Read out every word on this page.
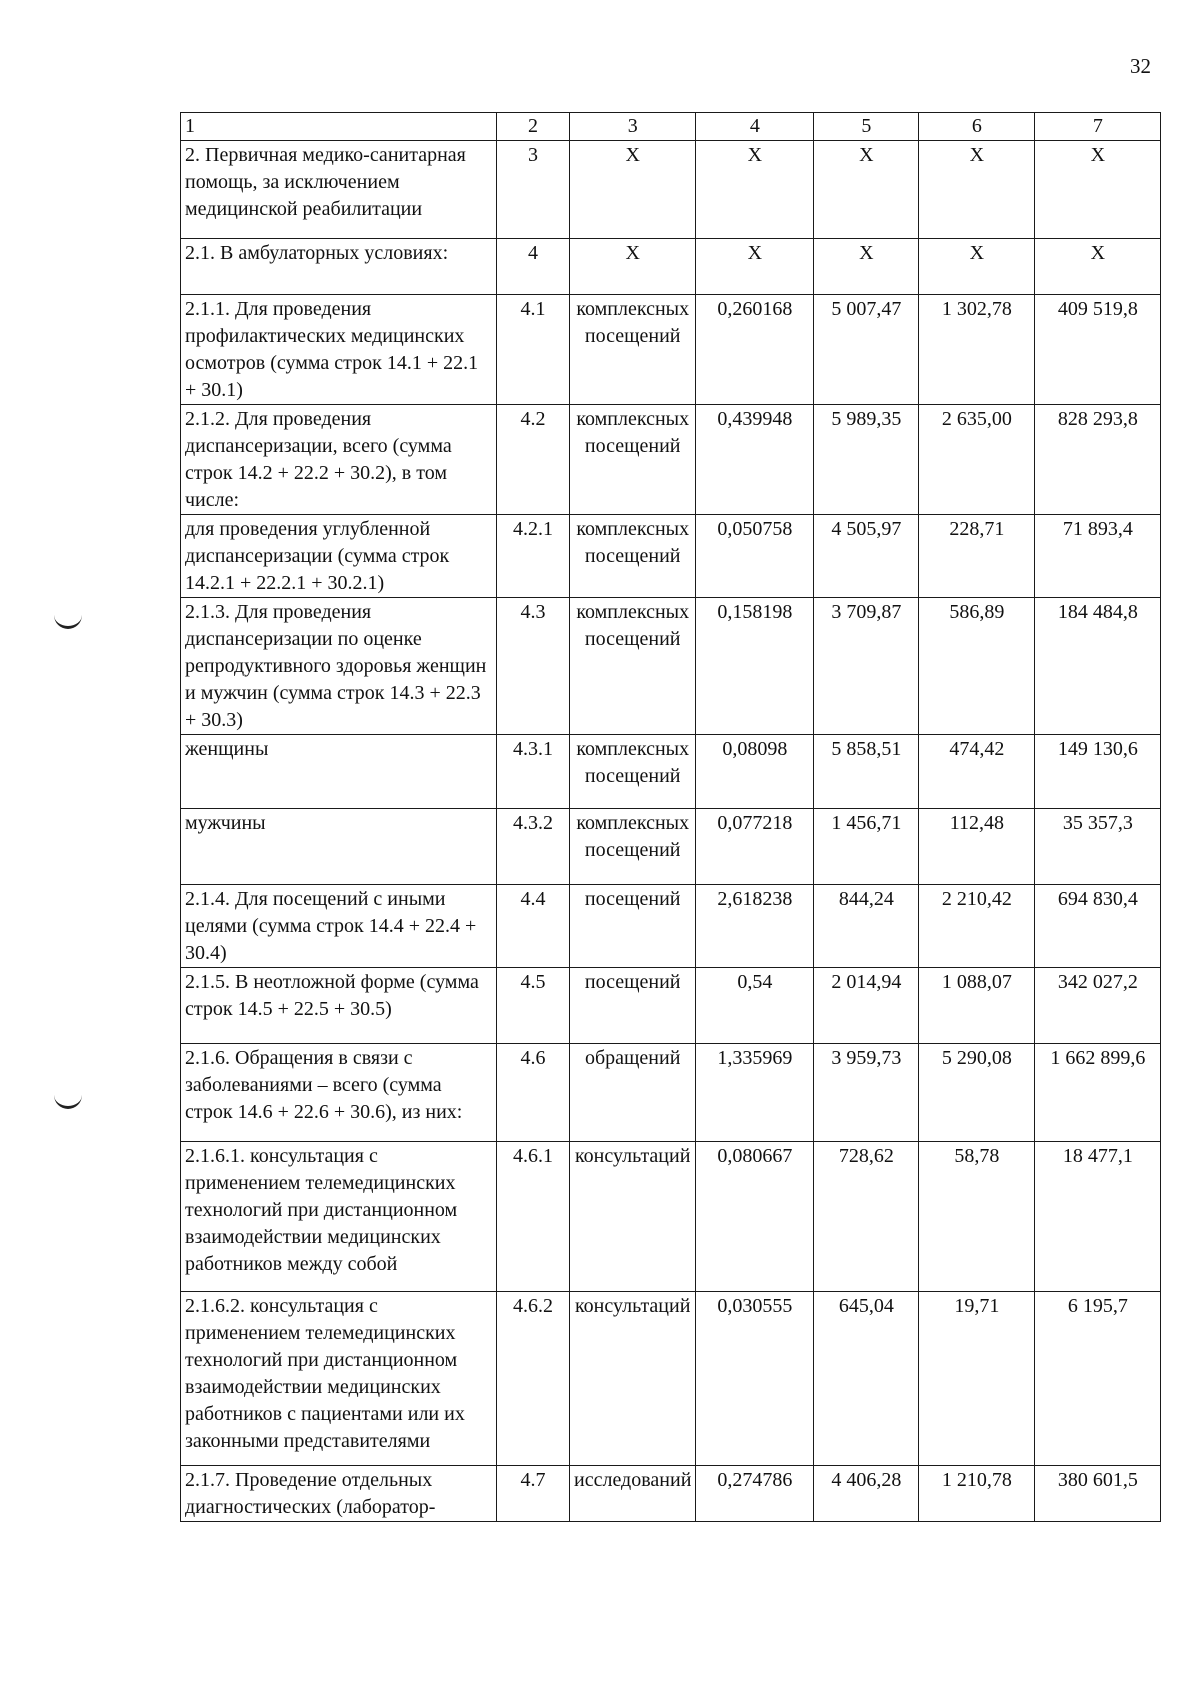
32
1	2	3	4	5	6	7
2. Первичная медико-санитарная помощь, за исключением медицинской реабилитации	3	X	X	X	X	X
2.1. В амбулаторных условиях:	4	X	X	X	X	X
2.1.1. Для проведения профилактических медицинских осмотров (сумма строк 14.1 + 22.1 + 30.1)	4.1	комплексных посещений	0,260168	5 007,47	1 302,78	409 519,8
2.1.2. Для проведения диспансеризации, всего (сумма строк 14.2 + 22.2 + 30.2), в том числе:	4.2	комплексных посещений	0,439948	5 989,35	2 635,00	828 293,8
для проведения углубленной диспансеризации (сумма строк 14.2.1 + 22.2.1 + 30.2.1)	4.2.1	комплексных посещений	0,050758	4 505,97	228,71	71 893,4
2.1.3. Для проведения диспансеризации по оценке репродуктивного здоровья женщин и мужчин (сумма строк 14.3 + 22.3 + 30.3)	4.3	комплексных посещений	0,158198	3 709,87	586,89	184 484,8
женщины	4.3.1	комплексных посещений	0,08098	5 858,51	474,42	149 130,6
мужчины	4.3.2	комплексных посещений	0,077218	1 456,71	112,48	35 357,3
2.1.4. Для посещений с иными целями (сумма строк 14.4 + 22.4 + 30.4)	4.4	посещений	2,618238	844,24	2 210,42	694 830,4
2.1.5. В неотложной форме (сумма строк 14.5 + 22.5 + 30.5)	4.5	посещений	0,54	2 014,94	1 088,07	342 027,2
2.1.6. Обращения в связи с заболеваниями – всего (сумма строк 14.6 + 22.6 + 30.6), из них:	4.6	обращений	1,335969	3 959,73	5 290,08	1 662 899,6
2.1.6.1. консультация с применением телемедицинских технологий при дистанционном взаимодействии медицинских работников между собой	4.6.1	консультаций	0,080667	728,62	58,78	18 477,1
2.1.6.2. консультация с применением телемедицинских технологий при дистанционном взаимодействии медицинских работников с пациентами или их законными представителями	4.6.2	консультаций	0,030555	645,04	19,71	6 195,7
2.1.7. Проведение отдельных диагностических (лаборатор-	4.7	исследований	0,274786	4 406,28	1 210,78	380 601,5
